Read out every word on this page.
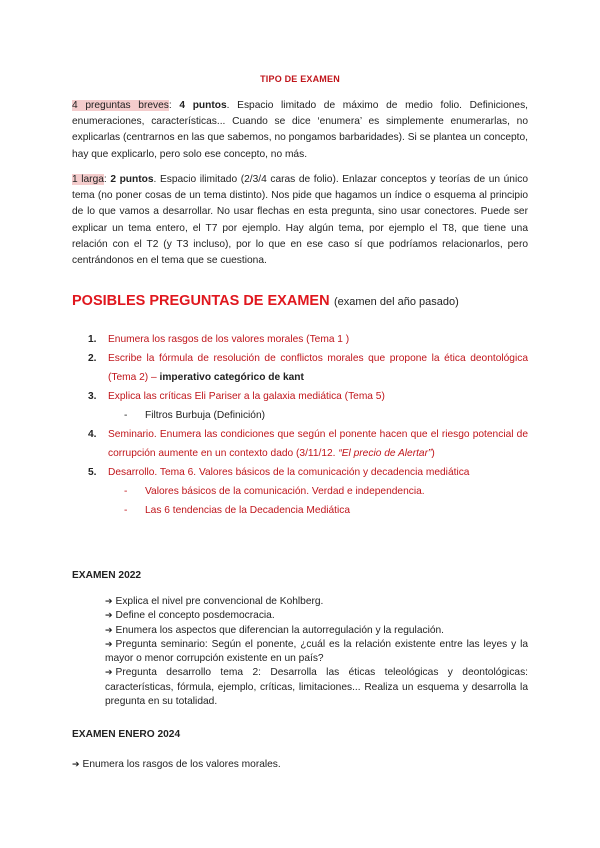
TIPO DE EXAMEN
4 preguntas breves: 4 puntos. Espacio limitado de máximo de medio folio. Definiciones, enumeraciones, características... Cuando se dice ‘enumera’ es simplemente enumerarlas, no explicarlas (centrarnos en las que sabemos, no pongamos barbaridades). Si se plantea un concepto, hay que explicarlo, pero solo ese concepto, no más.
1 larga: 2 puntos. Espacio ilimitado (2/3/4 caras de folio). Enlazar conceptos y teorías de un único tema (no poner cosas de un tema distinto). Nos pide que hagamos un índice o esquema al principio de lo que vamos a desarrollar. No usar flechas en esta pregunta, sino usar conectores. Puede ser explicar un tema entero, el T7 por ejemplo. Hay algún tema, por ejemplo el T8, que tiene una relación con el T2 (y T3 incluso), por lo que en ese caso sí que podríamos relacionarlos, pero centrándonos en el tema que se cuestiona.
POSIBLES PREGUNTAS DE EXAMEN (examen del año pasado)
1. Enumera los rasgos de los valores morales (Tema 1 )
2. Escribe la fórmula de resolución de conflictos morales que propone la ética deontológica (Tema 2) – imperativo categórico de kant
3. Explica las críticas Eli Pariser a la galaxia mediática (Tema 5)
- Filtros Burbuja (Definición)
4. Seminario. Enumera las condiciones que según el ponente hacen que el riesgo potencial de corrupción aumente en un contexto dado (3/11/12. “El precio de Alertar”)
5. Desarrollo. Tema 6. Valores básicos de la comunicación y decadencia mediática
- Valores básicos de la comunicación. Verdad e independencia.
- Las 6 tendencias de la Decadencia Mediática
EXAMEN 2022
➔ Explica el nivel pre convencional de Kohlberg.
➔ Define el concepto posdemocracia.
➔ Enumera los aspectos que diferencian la autorregulación y la regulación.
➔ Pregunta seminario: Según el ponente, ¿cuál es la relación existente entre las leyes y la mayor o menor corrupción existente en un país?
➔ Pregunta desarrollo tema 2: Desarrolla las éticas teleológicas y deontológicas: características, fórmula, ejemplo, críticas, limitaciones... Realiza un esquema y desarrolla la pregunta en su totalidad.
EXAMEN ENERO 2024
➔ Enumera los rasgos de los valores morales.
